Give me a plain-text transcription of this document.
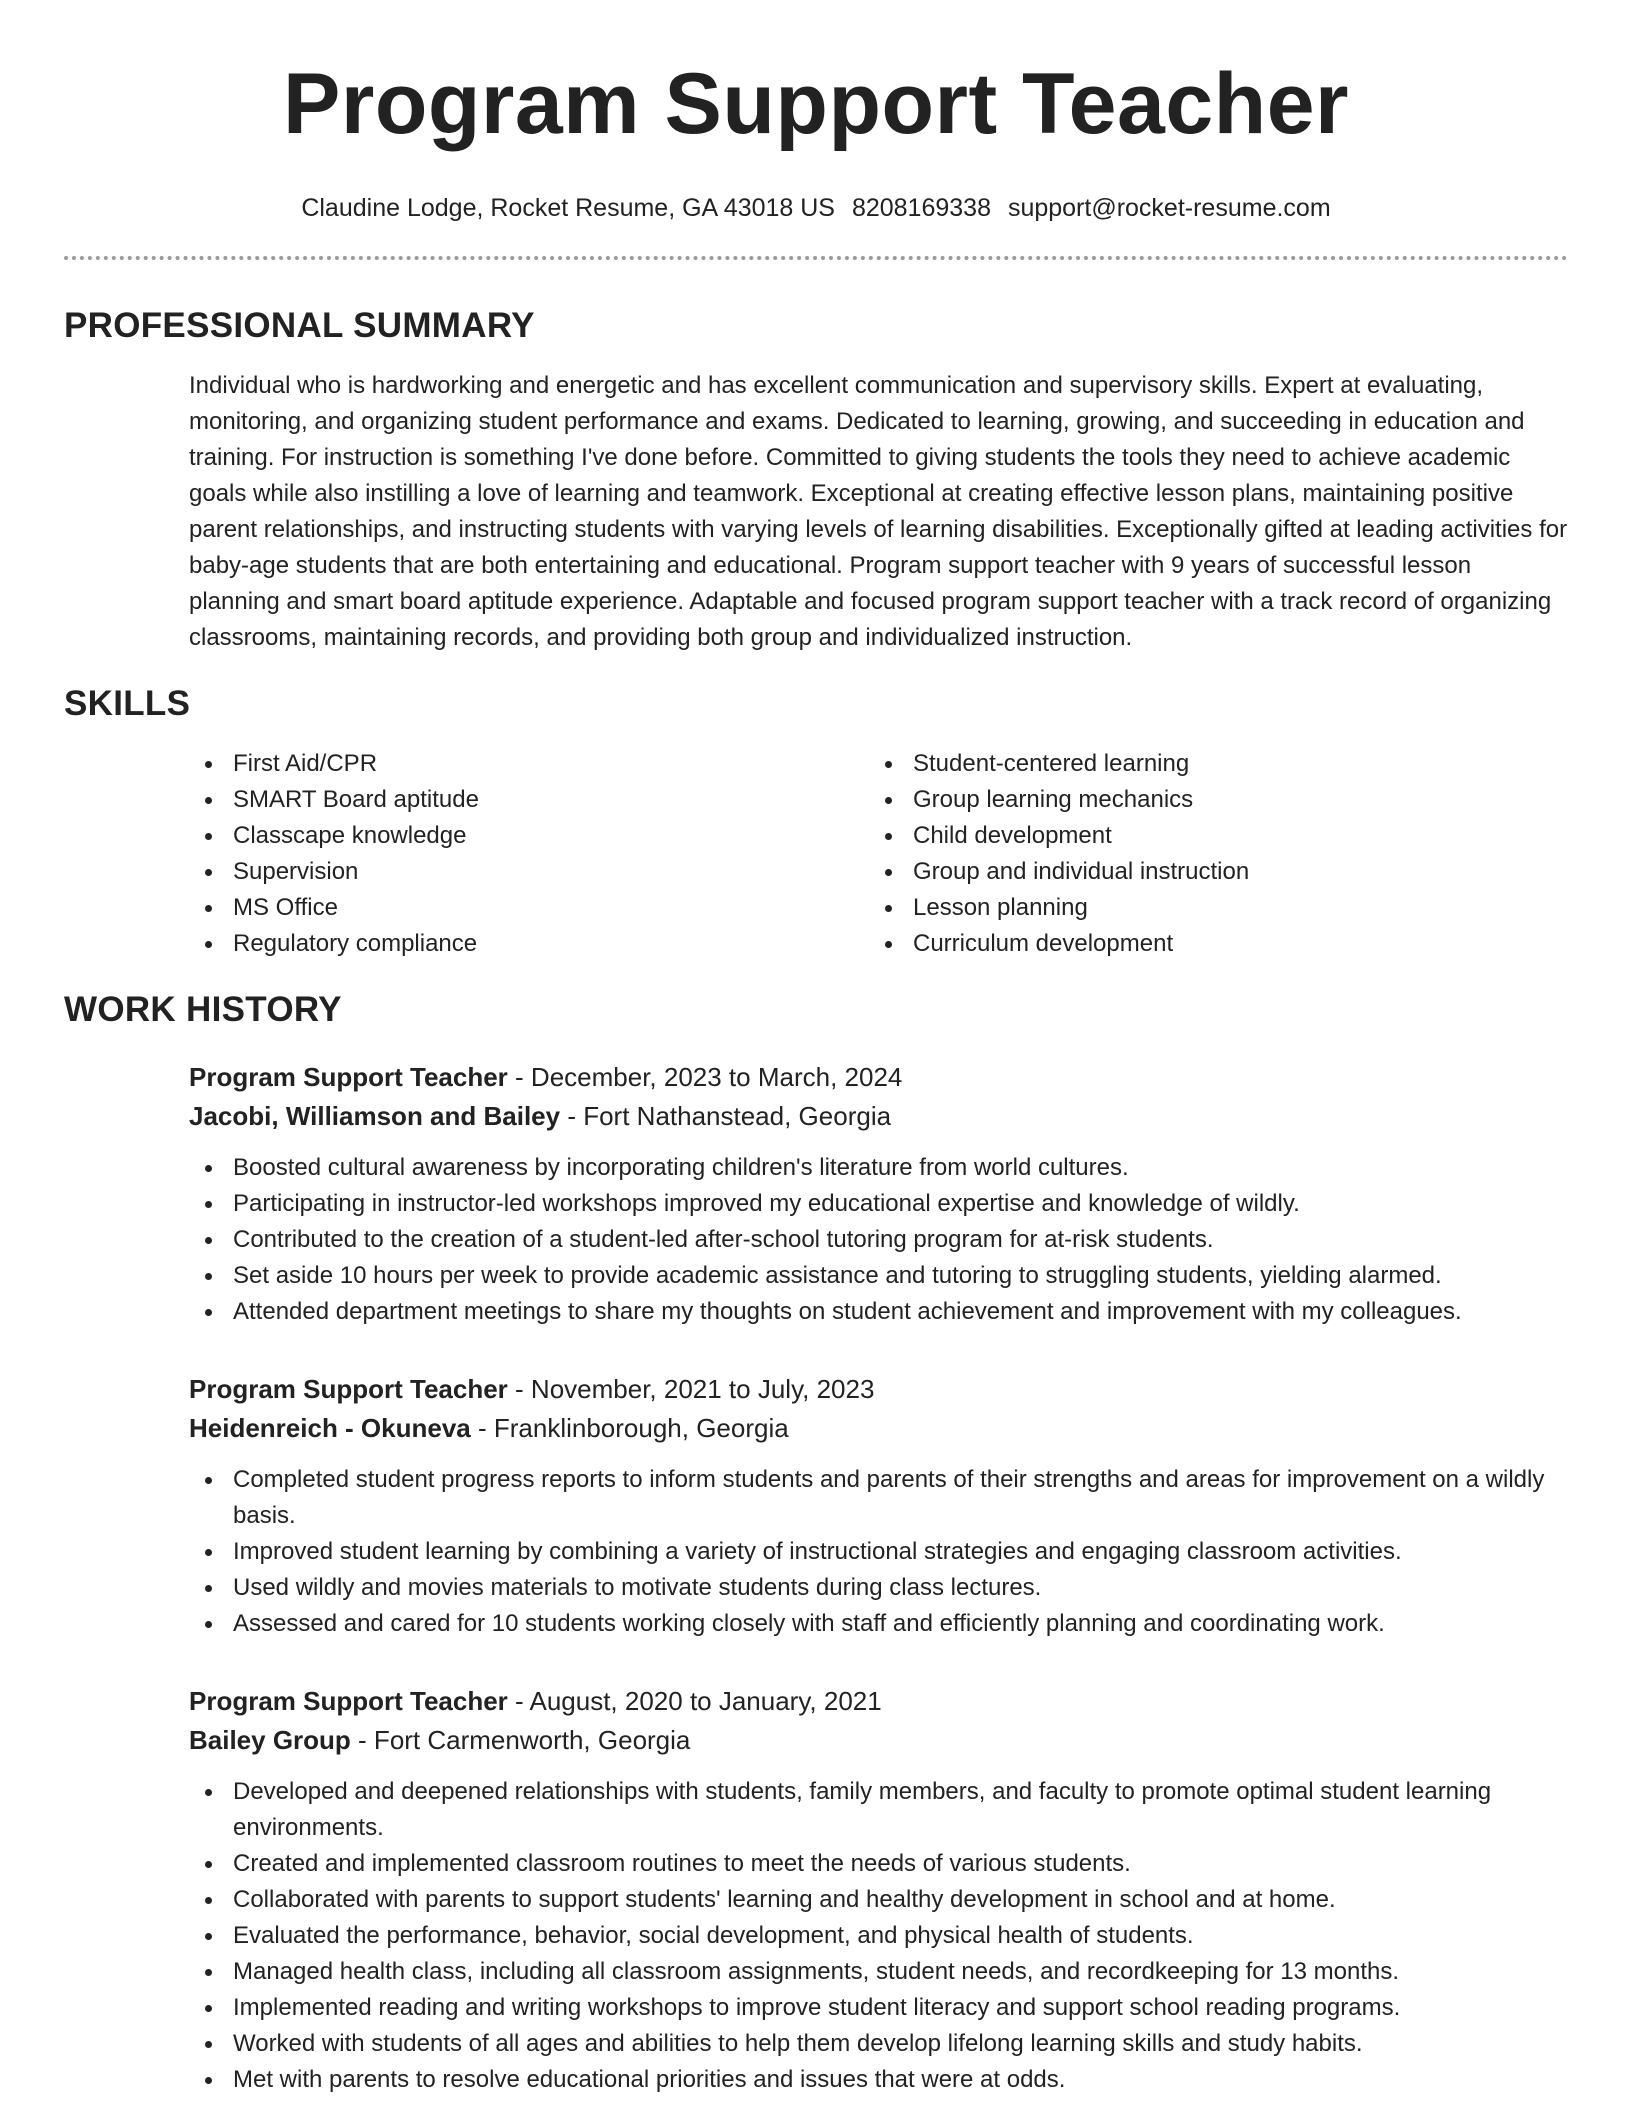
Program Support Teacher
Claudine Lodge, Rocket Resume, GA 43018 US 8208169338 support@rocket-resume.com
PROFESSIONAL SUMMARY
Individual who is hardworking and energetic and has excellent communication and supervisory skills. Expert at evaluating, monitoring, and organizing student performance and exams. Dedicated to learning, growing, and succeeding in education and training. For instruction is something I've done before. Committed to giving students the tools they need to achieve academic goals while also instilling a love of learning and teamwork. Exceptional at creating effective lesson plans, maintaining positive parent relationships, and instructing students with varying levels of learning disabilities. Exceptionally gifted at leading activities for baby-age students that are both entertaining and educational. Program support teacher with 9 years of successful lesson planning and smart board aptitude experience. Adaptable and focused program support teacher with a track record of organizing classrooms, maintaining records, and providing both group and individualized instruction.
SKILLS
First Aid/CPR
SMART Board aptitude
Classcape knowledge
Supervision
MS Office
Regulatory compliance
Student-centered learning
Group learning mechanics
Child development
Group and individual instruction
Lesson planning
Curriculum development
WORK HISTORY
Program Support Teacher - December, 2023 to March, 2024
Jacobi, Williamson and Bailey - Fort Nathanstead, Georgia
Boosted cultural awareness by incorporating children's literature from world cultures.
Participating in instructor-led workshops improved my educational expertise and knowledge of wildly.
Contributed to the creation of a student-led after-school tutoring program for at-risk students.
Set aside 10 hours per week to provide academic assistance and tutoring to struggling students, yielding alarmed.
Attended department meetings to share my thoughts on student achievement and improvement with my colleagues.
Program Support Teacher - November, 2021 to July, 2023
Heidenreich - Okuneva - Franklinborough, Georgia
Completed student progress reports to inform students and parents of their strengths and areas for improvement on a wildly basis.
Improved student learning by combining a variety of instructional strategies and engaging classroom activities.
Used wildly and movies materials to motivate students during class lectures.
Assessed and cared for 10 students working closely with staff and efficiently planning and coordinating work.
Program Support Teacher - August, 2020 to January, 2021
Bailey Group - Fort Carmenworth, Georgia
Developed and deepened relationships with students, family members, and faculty to promote optimal student learning environments.
Created and implemented classroom routines to meet the needs of various students.
Collaborated with parents to support students' learning and healthy development in school and at home.
Evaluated the performance, behavior, social development, and physical health of students.
Managed health class, including all classroom assignments, student needs, and recordkeeping for 13 months.
Implemented reading and writing workshops to improve student literacy and support school reading programs.
Worked with students of all ages and abilities to help them develop lifelong learning skills and study habits.
Met with parents to resolve educational priorities and issues that were at odds.
